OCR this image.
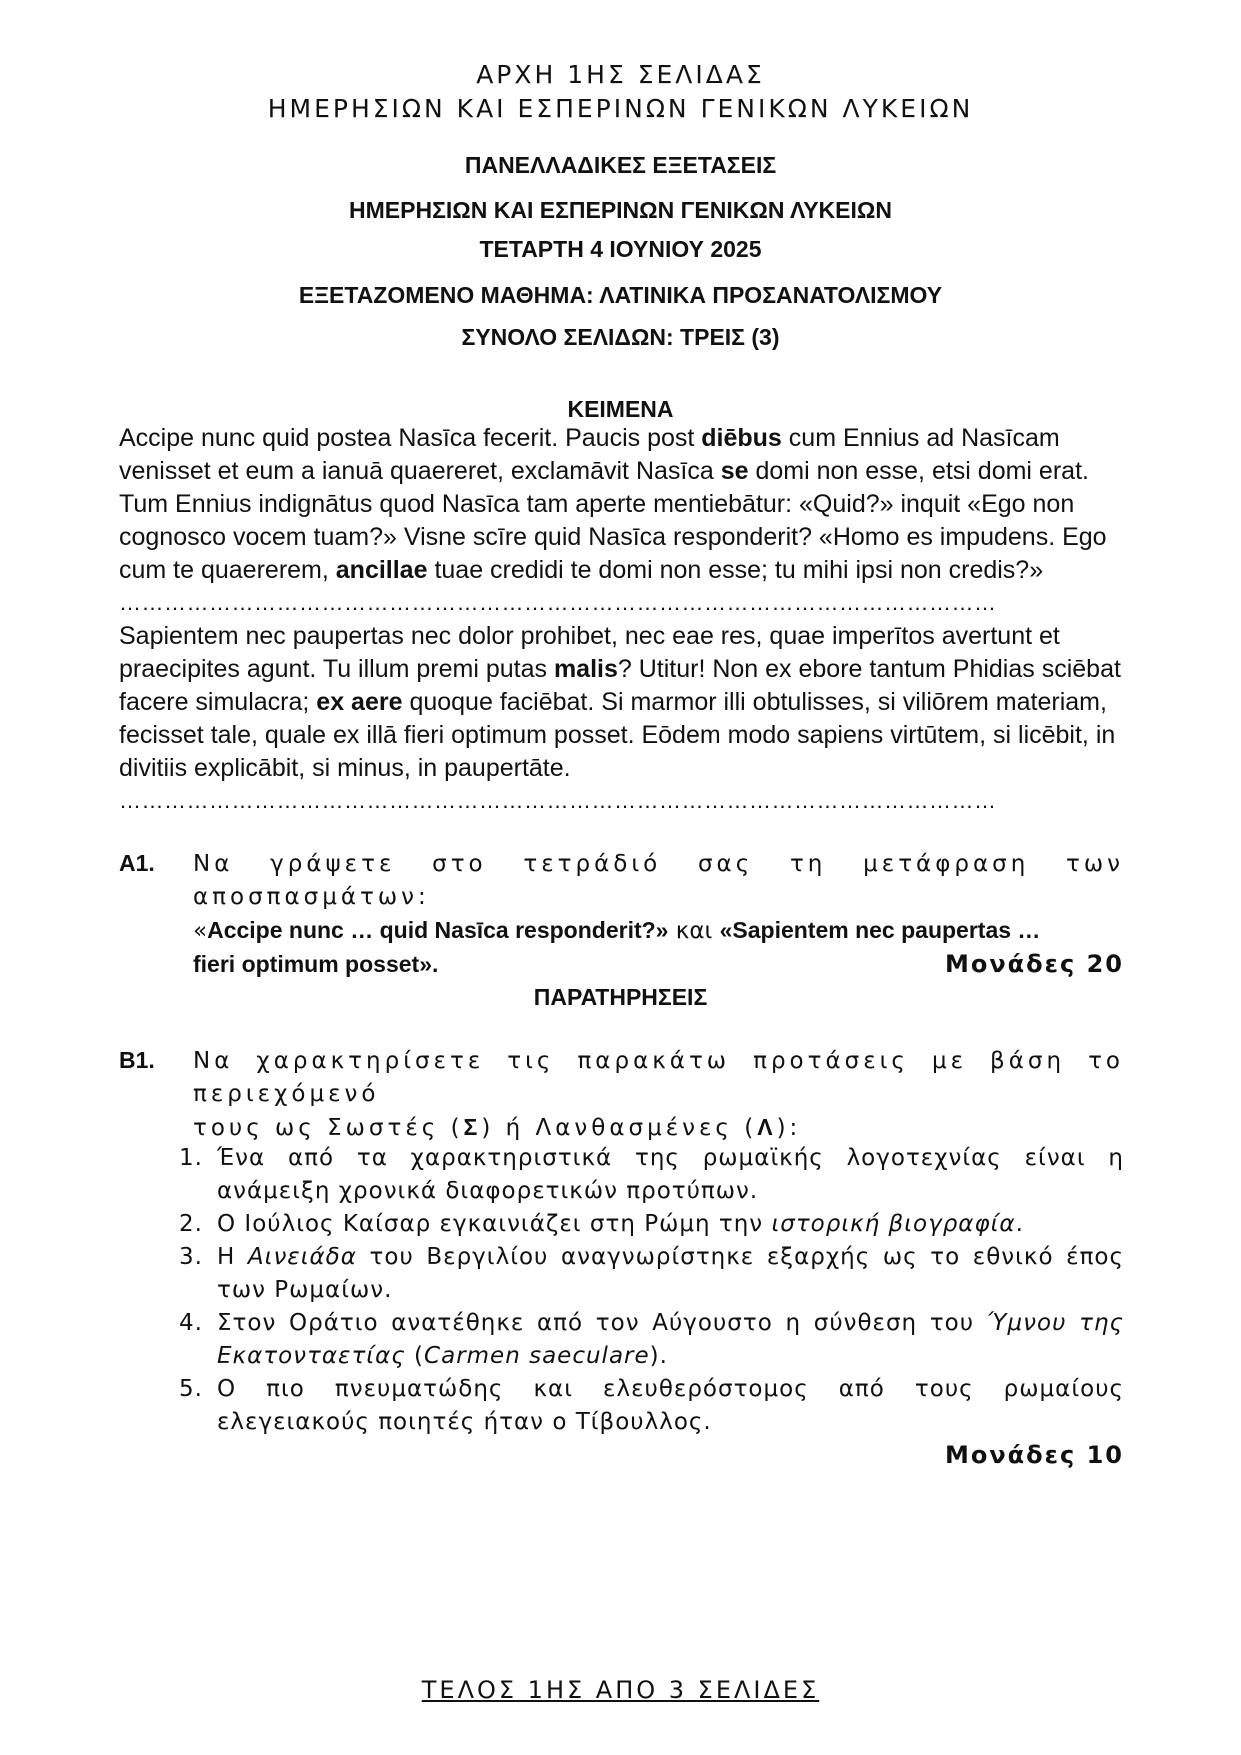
ΑΡΧΗ 1ΗΣ ΣΕΛΙΔΑΣ
ΗΜΕΡΗΣΙΩΝ ΚΑΙ ΕΣΠΕΡΙΝΩΝ ΓΕΝΙΚΩΝ ΛΥΚΕΙΩΝ
ΠΑΝΕΛΛΑΔΙΚΕΣ ΕΞΕΤΑΣΕΙΣ
ΗΜΕΡΗΣΙΩΝ ΚΑΙ ΕΣΠΕΡΙΝΩΝ ΓΕΝΙΚΩΝ ΛΥΚΕΙΩΝ
ΤΕΤΑΡΤΗ 4 ΙΟΥΝΙΟΥ 2025
ΕΞΕΤΑΖΟΜΕΝΟ ΜΑΘΗΜΑ: ΛΑΤΙΝΙΚΑ ΠΡΟΣΑΝΑΤΟΛΙΣΜΟΥ
ΣΥΝΟΛΟ ΣΕΛΙΔΩΝ: ΤΡΕΙΣ (3)
ΚΕΙΜΕΝΑ
Accipe nunc quid postea Nasīca fecerit. Paucis post diēbus cum Ennius ad Nasīcam
venisset et eum a ianuā quaereret, exclamāvit Nasīca se domi non esse, etsi domi erat.
Tum Ennius indignātus quod Nasīca tam aperte mentiebātur: «Quid?» inquit «Ego non
cognosco vocem tuam?» Visne scīre quid Nasīca responderit? «Homo es impudens. Ego
cum te quaererem, ancillae tuae credidi te domi non esse; tu mihi ipsi non credis?»
………………………………………………………………………………………………………
Sapientem nec paupertas nec dolor prohibet, nec eae res, quae imperītos avertunt et
praecipites agunt. Tu illum premi putas malis? Utitur! Non ex ebore tantum Phidias sciēbat
facere simulacra; ex aere quoque faciēbat. Si marmor illi obtulisses, si viliōrem materiam,
fecisset tale, quale ex illā fieri optimum posset. Eōdem modo sapiens virtūtem, si licēbit, in
divitiis explicābit, si minus, in paupertāte.
………………………………………………………………………………………………………
Α1. Να γράψετε στο τετράδιό σας τη μετάφραση των αποσπασμάτων:
«Accipe nunc … quid Nasīca responderit?» και «Sapientem nec paupertas …
fieri optimum posset».	Μονάδες 20
ΠΑΡΑΤΗΡΗΣΕΙΣ
Β1. Να χαρακτηρίσετε τις παρακάτω προτάσεις με βάση το περιεχόμενό
τους ως Σωστές (Σ) ή Λανθασμένες (Λ):
1. Ένα από τα χαρακτηριστικά της ρωμαϊκής λογοτεχνίας είναι η ανάμειξη χρονικά διαφορετικών προτύπων.
2. Ο Ιούλιος Καίσαρ εγκαινιάζει στη Ρώμη την ιστορική βιογραφία.
3. Η Αινειάδα του Βεργιλίου αναγνωρίστηκε εξαρχής ως το εθνικό έπος των Ρωμαίων.
4. Στον Οράτιο ανατέθηκε από τον Αύγουστο η σύνθεση του Ύμνου της Εκατονταετίας (Carmen saeculare).
5. Ο πιο πνευματώδης και ελευθερόστομος από τους ρωμαίους ελεγειακούς ποιητές ήταν ο Τίβουλλος.
Μονάδες 10
ΤΕΛΟΣ 1ΗΣ ΑΠΟ 3 ΣΕΛΙΔΕΣ
